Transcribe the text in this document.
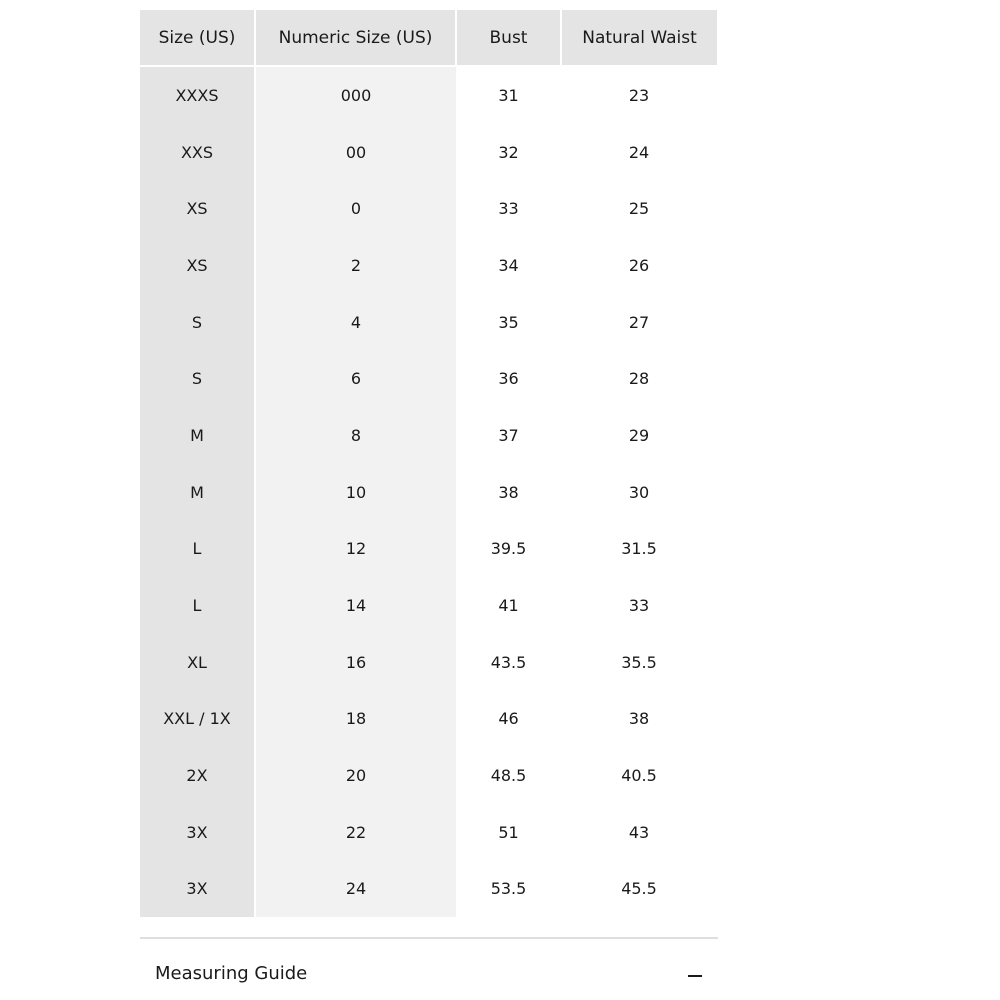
Size (US)	Numeric Size (US)	Bust	Natural Waist
XXXS	000	31	23
XXS	00	32	24
XS	0	33	25
XS	2	34	26
S	4	35	27
S	6	36	28
M	8	37	29
M	10	38	30
L	12	39.5	31.5
L	14	41	33
XL	16	43.5	35.5
XXL / 1X	18	46	38
2X	20	48.5	40.5
3X	22	51	43
3X	24	53.5	45.5
Measuring Guide
